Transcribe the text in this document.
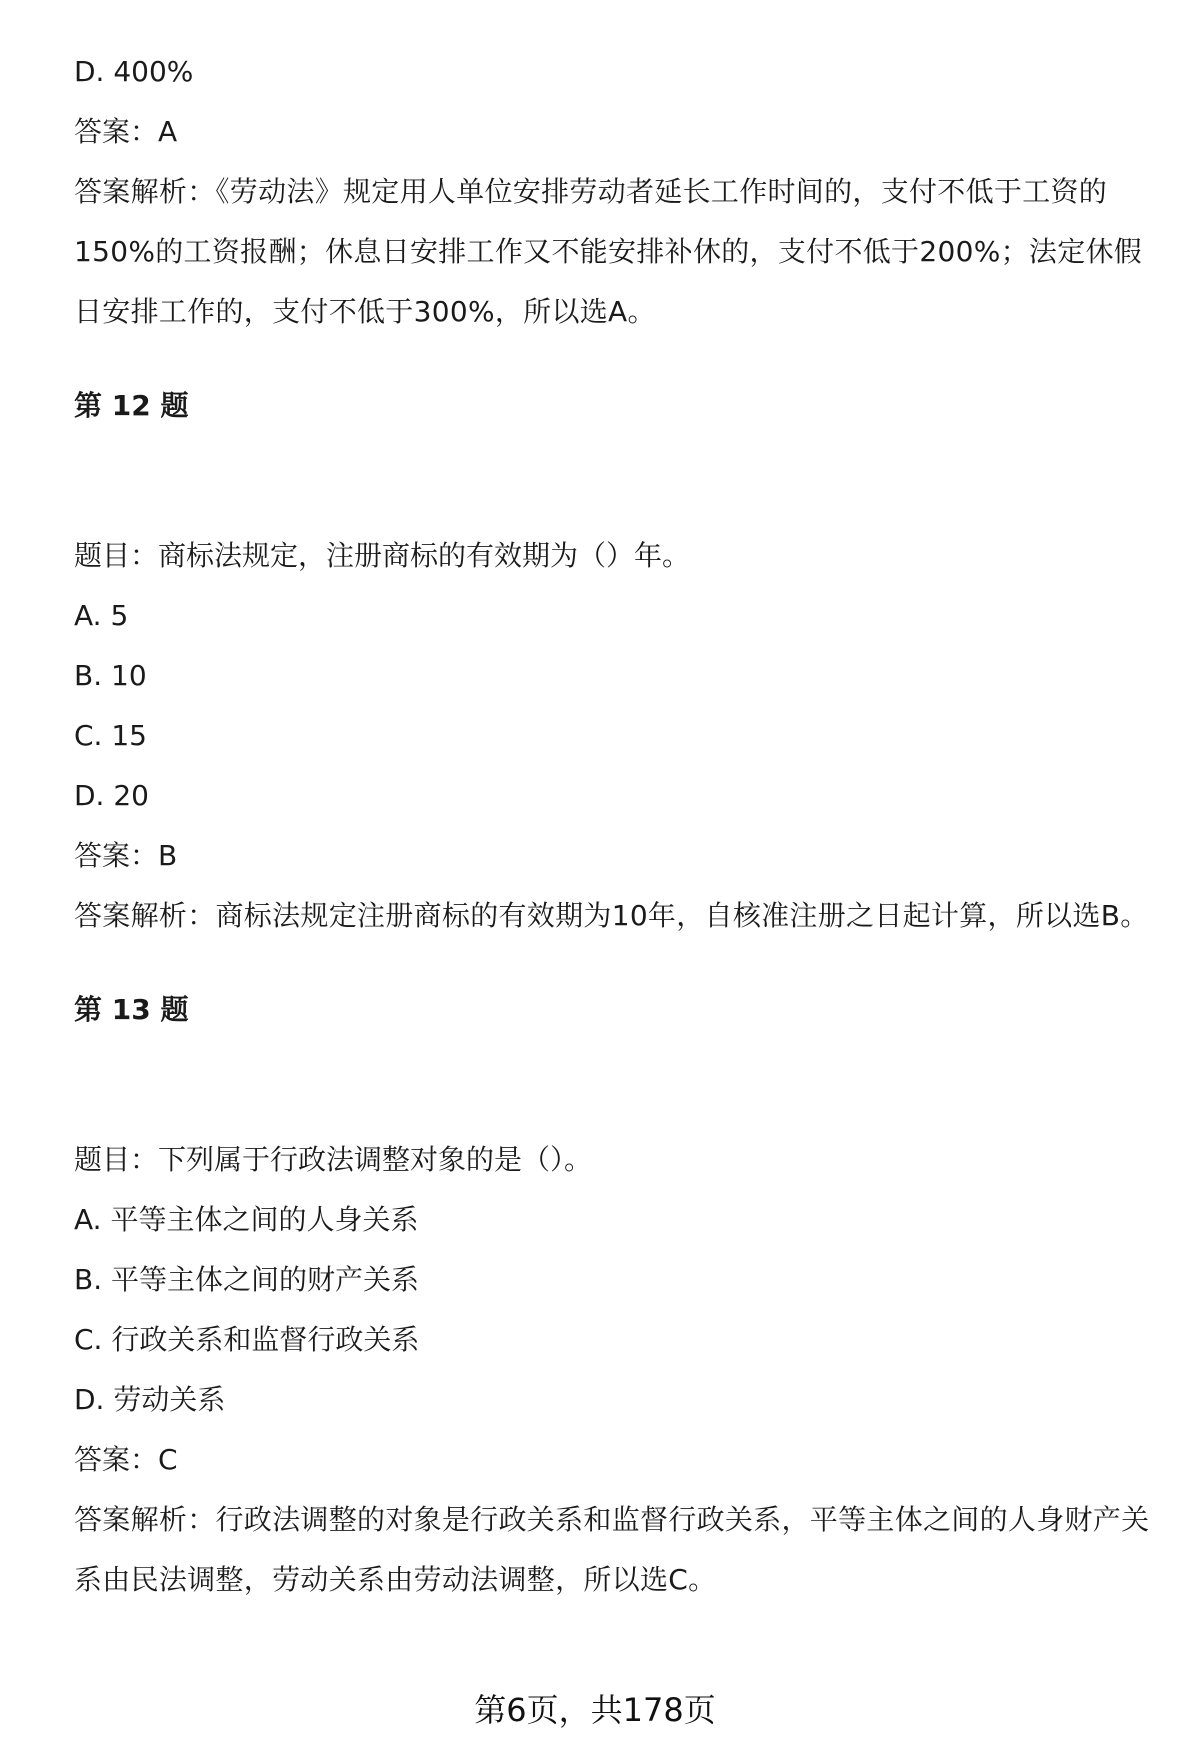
D. 400%
答案：A
答案解析：《劳动法》规定用人单位安排劳动者延长工作时间的，支付不低于工资的150%的工资报酬；休息日安排工作又不能安排补休的，支付不低于200%；法定休假日安排工作的，支付不低于300%，所以选A。
第 12 题
题目：商标法规定，注册商标的有效期为（）年。
A. 5
B. 10
C. 15
D. 20
答案：B
答案解析：商标法规定注册商标的有效期为10年，自核准注册之日起计算，所以选B。
第 13 题
题目：下列属于行政法调整对象的是（）。
A. 平等主体之间的人身关系
B. 平等主体之间的财产关系
C. 行政关系和监督行政关系
D. 劳动关系
答案：C
答案解析：行政法调整的对象是行政关系和监督行政关系，平等主体之间的人身财产关系由民法调整，劳动关系由劳动法调整，所以选C。
第6页，共178页
